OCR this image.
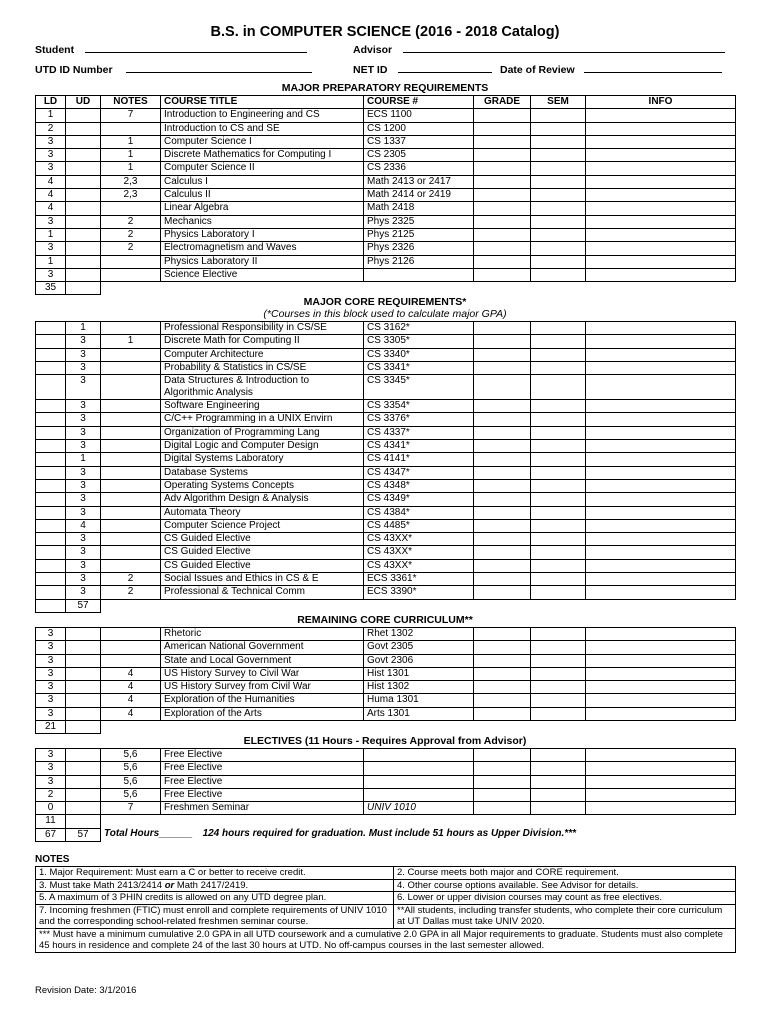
B.S. in COMPUTER SCIENCE (2016 - 2018 Catalog)
Student	Advisor
UTD ID Number	NET ID	Date of Review
MAJOR PREPARATORY REQUIREMENTS
LD	UD	NOTES	COURSE TITLE	COURSE #	GRADE	SEM	INFO
1		7	Introduction to Engineering and CS	ECS 1100			
2			Introduction to CS and SE	CS 1200			
3		1	Computer Science I	CS 1337			
3		1	Discrete Mathematics for Computing I	CS 2305			
3		1	Computer Science II	CS 2336			
4		2,3	Calculus I	Math 2413 or 2417			
4		2,3	Calculus II	Math 2414 or 2419			
4			Linear Algebra	Math 2418			
3		2	Mechanics	Phys 2325			
1		2	Physics Laboratory I	Phys 2125			
3		2	Electromagnetism and Waves	Phys 2326			
1			Physics Laboratory II	Phys 2126			
3			Science Elective				
35							
MAJOR CORE REQUIREMENTS*
(*Courses in this block used to calculate major GPA)
	1		Professional Responsibility in CS/SE	CS 3162*			
	3	1	Discrete Math for Computing II	CS 3305*			
	3		Computer Architecture	CS 3340*			
	3		Probability & Statistics in CS/SE	CS 3341*			
	3		Data Structures & Introduction to Algorithmic Analysis	CS 3345*			
	3		Software Engineering	CS 3354*			
	3		C/C++ Programming in a UNIX Envirn	CS 3376*			
	3		Organization of Programming Lang	CS 4337*			
	3		Digital Logic and Computer Design	CS 4341*			
	1		Digital Systems Laboratory	CS 4141*			
	3		Database Systems	CS 4347*			
	3		Operating Systems Concepts	CS 4348*			
	3		Adv Algorithm Design & Analysis	CS 4349*			
	3		Automata Theory	CS 4384*			
	4		Computer Science Project	CS 4485*			
	3		CS Guided Elective	CS 43XX*			
	3		CS Guided Elective	CS 43XX*			
	3		CS Guided Elective	CS 43XX*			
	3	2	Social Issues and Ethics in CS & E	ECS 3361*			
	3	2	Professional & Technical Comm	ECS 3390*			
	57						
REMAINING CORE CURRICULUM**
3			Rhetoric	Rhet 1302			
3			American National Government	Govt 2305			
3			State and Local Government	Govt 2306			
3		4	US History Survey to Civil War	Hist 1301			
3		4	US History Survey from Civil War	Hist 1302			
3		4	Exploration of the Humanities	Huma 1301			
3		4	Exploration of the Arts	Arts 1301			
21							
ELECTIVES (11 Hours - Requires Approval from Advisor)
3		5,6	Free Elective				
3		5,6	Free Elective				
3		5,6	Free Elective				
2		5,6	Free Elective				
0		7	Freshmen Seminar	UNIV 1010			
11							
67	57	Total Hours______ 124 hours required for graduation. Must include 51 hours as Upper Division.***					
NOTES
1. Major Requirement: Must earn a C or better to receive credit.	2. Course meets both major and CORE requirement.
3. Must take Math 2413/2414 or Math 2417/2419.	4. Other course options available. See Advisor for details.
5. A maximum of 3 PHIN credits is allowed on any UTD degree plan.	6. Lower or upper division courses may count as free electives.
7. Incoming freshmen (FTIC) must enroll and complete requirements of UNIV 1010 and the corresponding school-related freshmen seminar course.	**All students, including transfer students, who complete their core curriculum at UT Dallas must take UNIV 2020.
*** Must have a minimum cumulative 2.0 GPA in all UTD coursework and a cumulative 2.0 GPA in all Major requirements to graduate. Students must also complete 45 hours in residence and complete 24 of the last 30 hours at UTD. No off-campus courses in the last semester allowed.	
Revision Date: 3/1/2016
